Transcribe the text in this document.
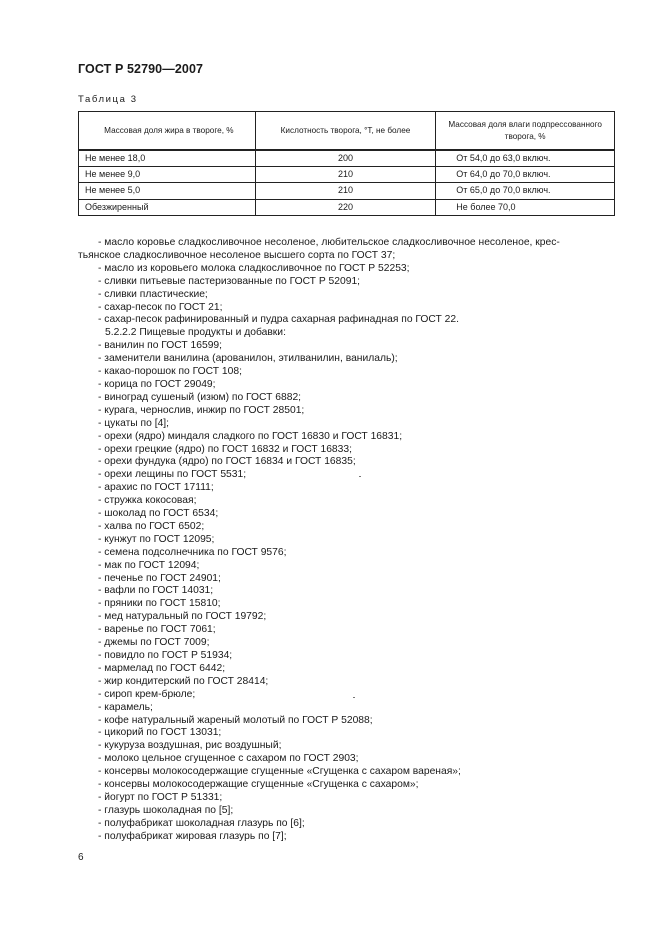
ГОСТ Р 52790—2007
Таблица 3
Массовая доля жира в твороге, %	Кислотность творога, °Т, не более	Массовая доля влаги подпрессованного творога, %
Не менее 18,0	200	От 54,0 до 63,0 включ.
Не менее 9,0	210	От 64,0 до 70,0 включ.
Не менее 5,0	210	От 65,0 до 70,0 включ.
Обезжиренный	220	Не более 70,0
- масло коровье сладкосливочное несоленое, любительское сладкосливочное несоленое, крес-
тьянское сладкосливочное несоленое высшего сорта по ГОСТ 37;
- масло из коровьего молока сладкосливочное по ГОСТ Р 52253;
- сливки питьевые пастеризованные по ГОСТ Р 52091;
- сливки пластические;
- сахар-песок по ГОСТ 21;
- сахар-песок рафинированный и пудра сахарная рафинадная по ГОСТ 22.
5.2.2.2 Пищевые продукты и добавки:
- ванилин по ГОСТ 16599;
- заменители ванилина (арованилон, этилванилин, ванилаль);
- какао-порошок по ГОСТ 108;
- корица по ГОСТ 29049;
- виноград сушеный (изюм) по ГОСТ 6882;
- курага, чернослив, инжир по ГОСТ 28501;
- цукаты по [4];
- орехи (ядро) миндаля сладкого по ГОСТ 16830 и ГОСТ 16831;
- орехи грецкие (ядро) по ГОСТ 16832 и ГОСТ 16833;
- орехи фундука (ядро) по ГОСТ 16834 и ГОСТ 16835;
- орехи лещины по ГОСТ 5531;
- арахис по ГОСТ 17111;
- стружка кокосовая;
- шоколад по ГОСТ 6534;
- халва по ГОСТ 6502;
- кунжут по ГОСТ 12095;
- семена подсолнечника по ГОСТ 9576;
- мак по ГОСТ 12094;
- печенье по ГОСТ 24901;
- вафли по ГОСТ 14031;
- пряники по ГОСТ 15810;
- мед натуральный по ГОСТ 19792;
- варенье по ГОСТ 7061;
- джемы по ГОСТ 7009;
- повидло по ГОСТ Р 51934;
- мармелад по ГОСТ 6442;
- жир кондитерский по ГОСТ 28414;
- сироп крем-брюле;
- карамель;
- кофе натуральный жареный молотый по ГОСТ Р 52088;
- цикорий по ГОСТ 13031;
- кукуруза воздушная, рис воздушный;
- молоко цельное сгущенное с сахаром по ГОСТ 2903;
- консервы молокосодержащие сгущенные «Сгущенка с сахаром вареная»;
- консервы молокосодержащие сгущенные «Сгущенка с сахаром»;
- йогурт по ГОСТ Р 51331;
- глазурь шоколадная по [5];
- полуфабрикат шоколадная глазурь по [6];
- полуфабрикат жировая глазурь по [7];
6
